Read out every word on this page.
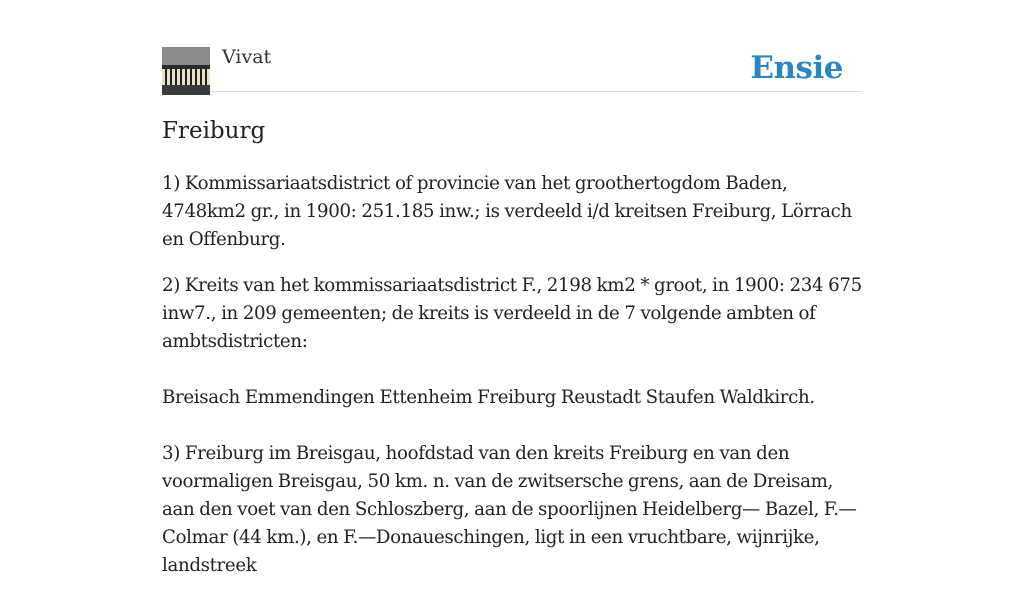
Vivat	Ensie
Freiburg

1) Kommissariaatsdistrict of provincie van het groothertogdom Baden, 4748km2 gr., in 1900: 251.185 inw.; is verdeeld i/d kreitsen Freiburg, Lörrach en Offenburg.

2) Kreits van het kommissariaatsdistrict F., 2198 km2 * groot, in 1900: 234 675 inw7., in 209 gemeenten; de kreits is verdeeld in de 7 volgende ambten of ambtsdistricten:

Breisach Emmendingen Ettenheim Freiburg Reustadt Staufen Waldkirch.

3) Freiburg im Breisgau, hoofdstad van den kreits Freiburg en van den voormaligen Breisgau, 50 km. n. van de zwitsersche grens, aan de Dreisam, aan den voet van den Schloszberg, aan de spoorlijnen Heidelberg— Bazel, F.—Colmar (44 km.), en F.—Donaueschingen, ligt in een vruchtbare, wijnrijke, landstreek
